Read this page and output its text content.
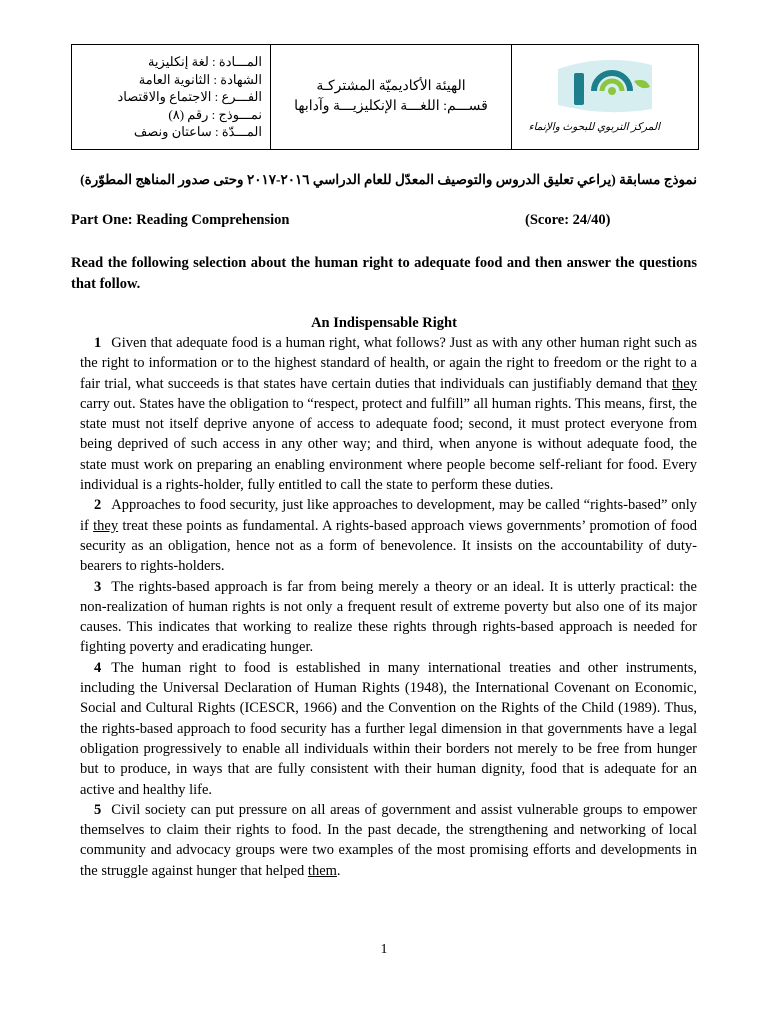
المـــادة : لغة إنكليزية
الشهادة : الثانوية العامة
الفـــرع : الاجتماع والاقتصاد
نمـــوذج : رقم (٨)
المـــدّة : ساعتان ونصف

الهيئة الأكاديميّة المشتركـة
قســـم: اللغـــة الإنكليزيـــة وآدابها

المركز التربوي للبحوث والإنماء
نموذج مسابقة (يراعي تعليق الدروس والتوصيف المعدّل للعام الدراسي ٢٠١٦-٢٠١٧ وحتى صدور المناهج المطوّرة)
Part One: Reading Comprehension	(Score: 24/40)
Read the following selection about the human right to adequate food and then answer the questions that follow.
An Indispensable Right

1 Given that adequate food is a human right, what follows? Just as with any other human right such as the right to information or to the highest standard of health, or again the right to freedom or the right to a fair trial, what succeeds is that states have certain duties that individuals can justifiably demand that they carry out. States have the obligation to “respect, protect and fulfill” all human rights. This means, first, the state must not itself deprive anyone of access to adequate food; second, it must protect everyone from being deprived of such access in any other way; and third, when anyone is without adequate food, the state must work on preparing an enabling environment where people become self-reliant for food. Every individual is a rights-holder, fully entitled to call the state to perform these duties.

2 Approaches to food security, just like approaches to development, may be called “rights-based” only if they treat these points as fundamental. A rights-based approach views governments’ promotion of food security as an obligation, hence not as a form of benevolence. It insists on the accountability of duty-bearers to rights-holders.

3 The rights-based approach is far from being merely a theory or an ideal. It is utterly practical: the non-realization of human rights is not only a frequent result of extreme poverty but also one of its major causes. This indicates that working to realize these rights through rights-based approach is needed for fighting poverty and eradicating hunger.

4 The human right to food is established in many international treaties and other instruments, including the Universal Declaration of Human Rights (1948), the International Covenant on Economic, Social and Cultural Rights (ICESCR, 1966) and the Convention on the Rights of the Child (1989). Thus, the rights-based approach to food security has a further legal dimension in that governments have a legal obligation progressively to enable all individuals within their borders not merely to be free from hunger but to produce, in ways that are fully consistent with their human dignity, food that is adequate for an active and healthy life.

5 Civil society can put pressure on all areas of government and assist vulnerable groups to empower themselves to claim their rights to food. In the past decade, the strengthening and networking of local community and advocacy groups were two examples of the most promising efforts and developments in the struggle against hunger that helped them.

1
